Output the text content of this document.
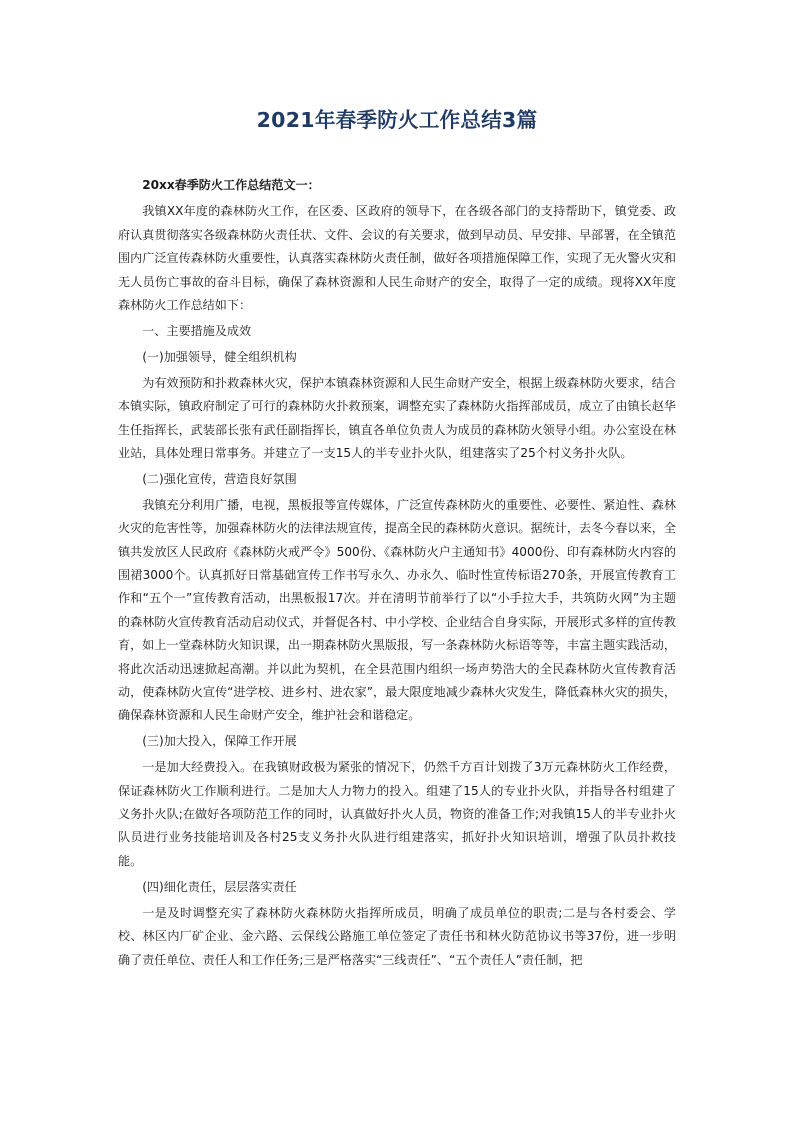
2021年春季防火工作总结3篇

20xx春季防火工作总结范文一：

我镇XX年度的森林防火工作，在区委、区政府的领导下，在各级各部门的支持帮助下，镇党委、政府认真贯彻落实各级森林防火责任状、文件、会议的有关要求，做到早动员、早安排、早部署，在全镇范围内广泛宣传森林防火重要性，认真落实森林防火责任制，做好各项措施保障工作，实现了无火警火灾和无人员伤亡事故的奋斗目标，确保了森林资源和人民生命财产的安全，取得了一定的成绩。现将XX年度森林防火工作总结如下：

一、主要措施及成效

(一)加强领导，健全组织机构

为有效预防和扑救森林火灾，保护本镇森林资源和人民生命财产安全，根据上级森林防火要求，结合本镇实际，镇政府制定了可行的森林防火扑救预案，调整充实了森林防火指挥部成员，成立了由镇长赵华生任指挥长，武装部长张有武任副指挥长，镇直各单位负责人为成员的森林防火领导小组。办公室设在林业站，具体处理日常事务。并建立了一支15人的半专业扑火队，组建落实了25个村义务扑火队。

(二)强化宣传，营造良好氛围

我镇充分利用广播，电视，黑板报等宣传媒体，广泛宣传森林防火的重要性、必要性、紧迫性、森林火灾的危害性等，加强森林防火的法律法规宣传，提高全民的森林防火意识。据统计，去冬今春以来，全镇共发放区人民政府《森林防火戒严令》500份、《森林防火户主通知书》4000份、印有森林防火内容的围裙3000个。认真抓好日常基础宣传工作书写永久、办永久、临时性宣传标语270条，开展宣传教育工作和“五个一”宣传教育活动，出黑板报17次。并在清明节前举行了以“小手拉大手，共筑防火网”为主题的森林防火宣传教育活动启动仪式，并督促各村、中小学校、企业结合自身实际，开展形式多样的宣传教育，如上一堂森林防火知识课，出一期森林防火黑版报，写一条森林防火标语等等，丰富主题实践活动，将此次活动迅速掀起高潮。并以此为契机，在全县范围内组织一场声势浩大的全民森林防火宣传教育活动，使森林防火宣传“进学校、进乡村、进农家”，最大限度地减少森林火灾发生，降低森林火灾的损失，确保森林资源和人民生命财产安全，维护社会和谐稳定。

(三)加大投入，保障工作开展

一是加大经费投入。在我镇财政极为紧张的情况下，仍然千方百计划拨了3万元森林防火工作经费，保证森林防火工作顺利进行。二是加大人力物力的投入。组建了15人的专业扑火队，并指导各村组建了义务扑火队;在做好各项防范工作的同时，认真做好扑火人员，物资的准备工作;对我镇15人的半专业扑火队员进行业务技能培训及各村25支义务扑火队进行组建落实，抓好扑火知识培训，增强了队员扑救技能。

(四)细化责任，层层落实责任

一是及时调整充实了森林防火森林防火指挥所成员，明确了成员单位的职责;二是与各村委会、学校、林区内厂矿企业、金六路、云保线公路施工单位签定了责任书和林火防范协议书等37份，进一步明确了责任单位、责任人和工作任务;三是严格落实“三线责任”、“五个责任人”责任制，把
